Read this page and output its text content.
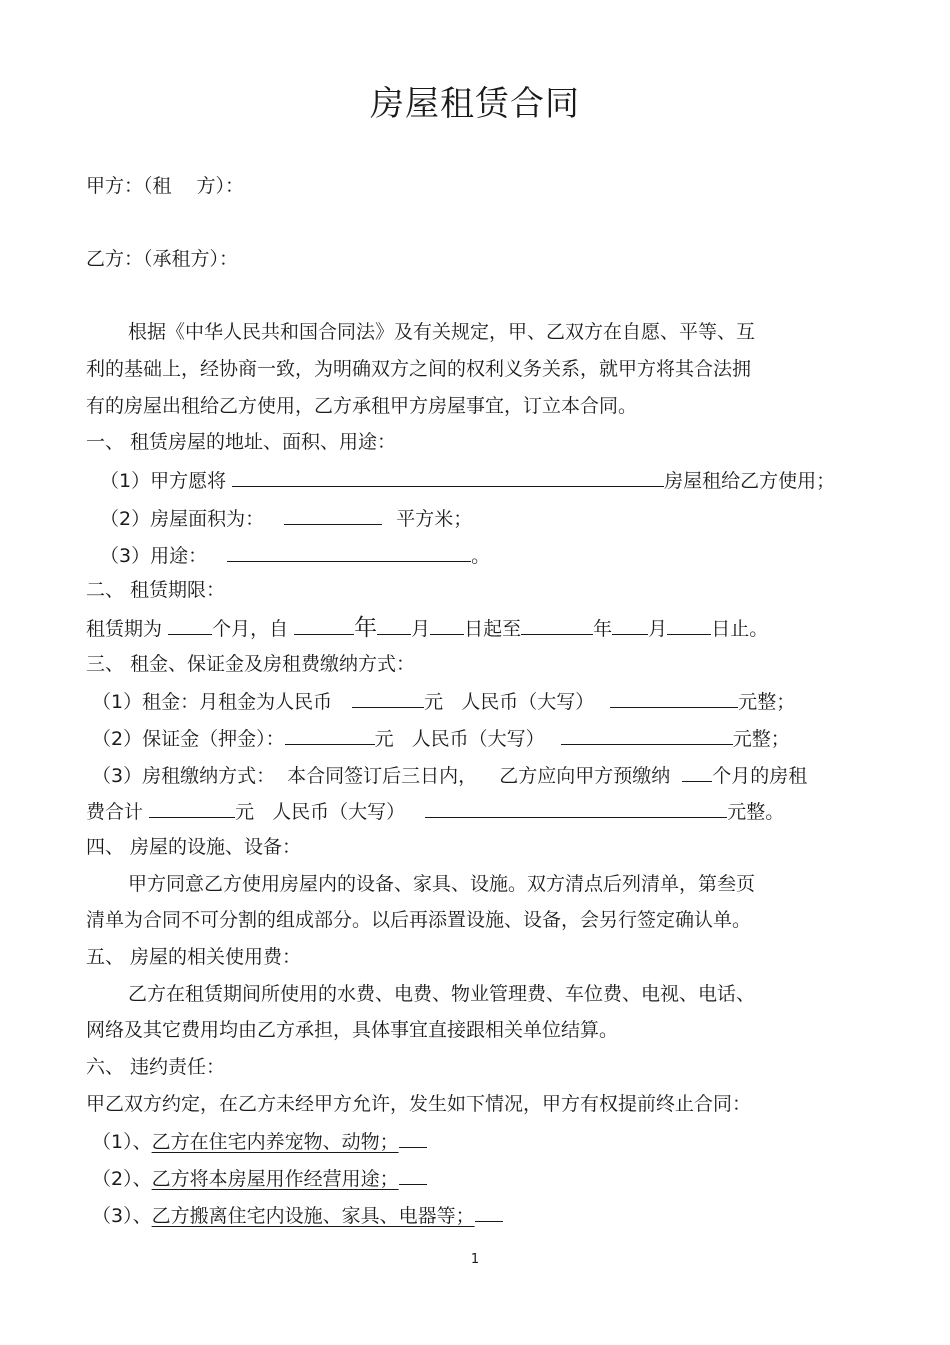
房屋租赁合同
甲方：（租　 方）：
乙方：（承租方）：
根据《中华人民共和国合同法》及有关规定，甲、乙双方在自愿、平等、互
利的基础上，经协商一致，为明确双方之间的权利义务关系，就甲方将其合法拥
有的房屋出租给乙方使用，乙方承租甲方房屋事宜，订立本合同。
一、 租赁房屋的地址、面积、用途：
（1）甲方愿将	房屋租给乙方使用；
（2）房屋面积为：	平方米；
（3）用途：	。
二、 租赁期限：
租赁期为	个月，自	年 月 日起至	年 月 日止。
三、 租金、保证金及房租费缴纳方式：
（1）租金：月租金为人民币	元 人民币（大写）	元整；
（2）保证金（押金）：	元 人民币（大写）	元整；
（3）房租缴纳方式： 本合同签订后三日内， 乙方应向甲方预缴纳 个月的房租
费合计	元 人民币（大写）	元整。
四、 房屋的设施、设备：
甲方同意乙方使用房屋内的设备、家具、设施。双方清点后列清单，第叁页
清单为合同不可分割的组成部分。以后再添置设施、设备，会另行签定确认单。
五、 房屋的相关使用费：
乙方在租赁期间所使用的水费、电费、物业管理费、车位费、电视、电话、
网络及其它费用均由乙方承担，具体事宜直接跟相关单位结算。
六、 违约责任：
甲乙双方约定，在乙方未经甲方允许，发生如下情况，甲方有权提前终止合同：
（1）、乙方在住宅内养宠物、动物；
（2）、乙方将本房屋用作经营用途；
（3）、乙方搬离住宅内设施、家具、电器等；
1
